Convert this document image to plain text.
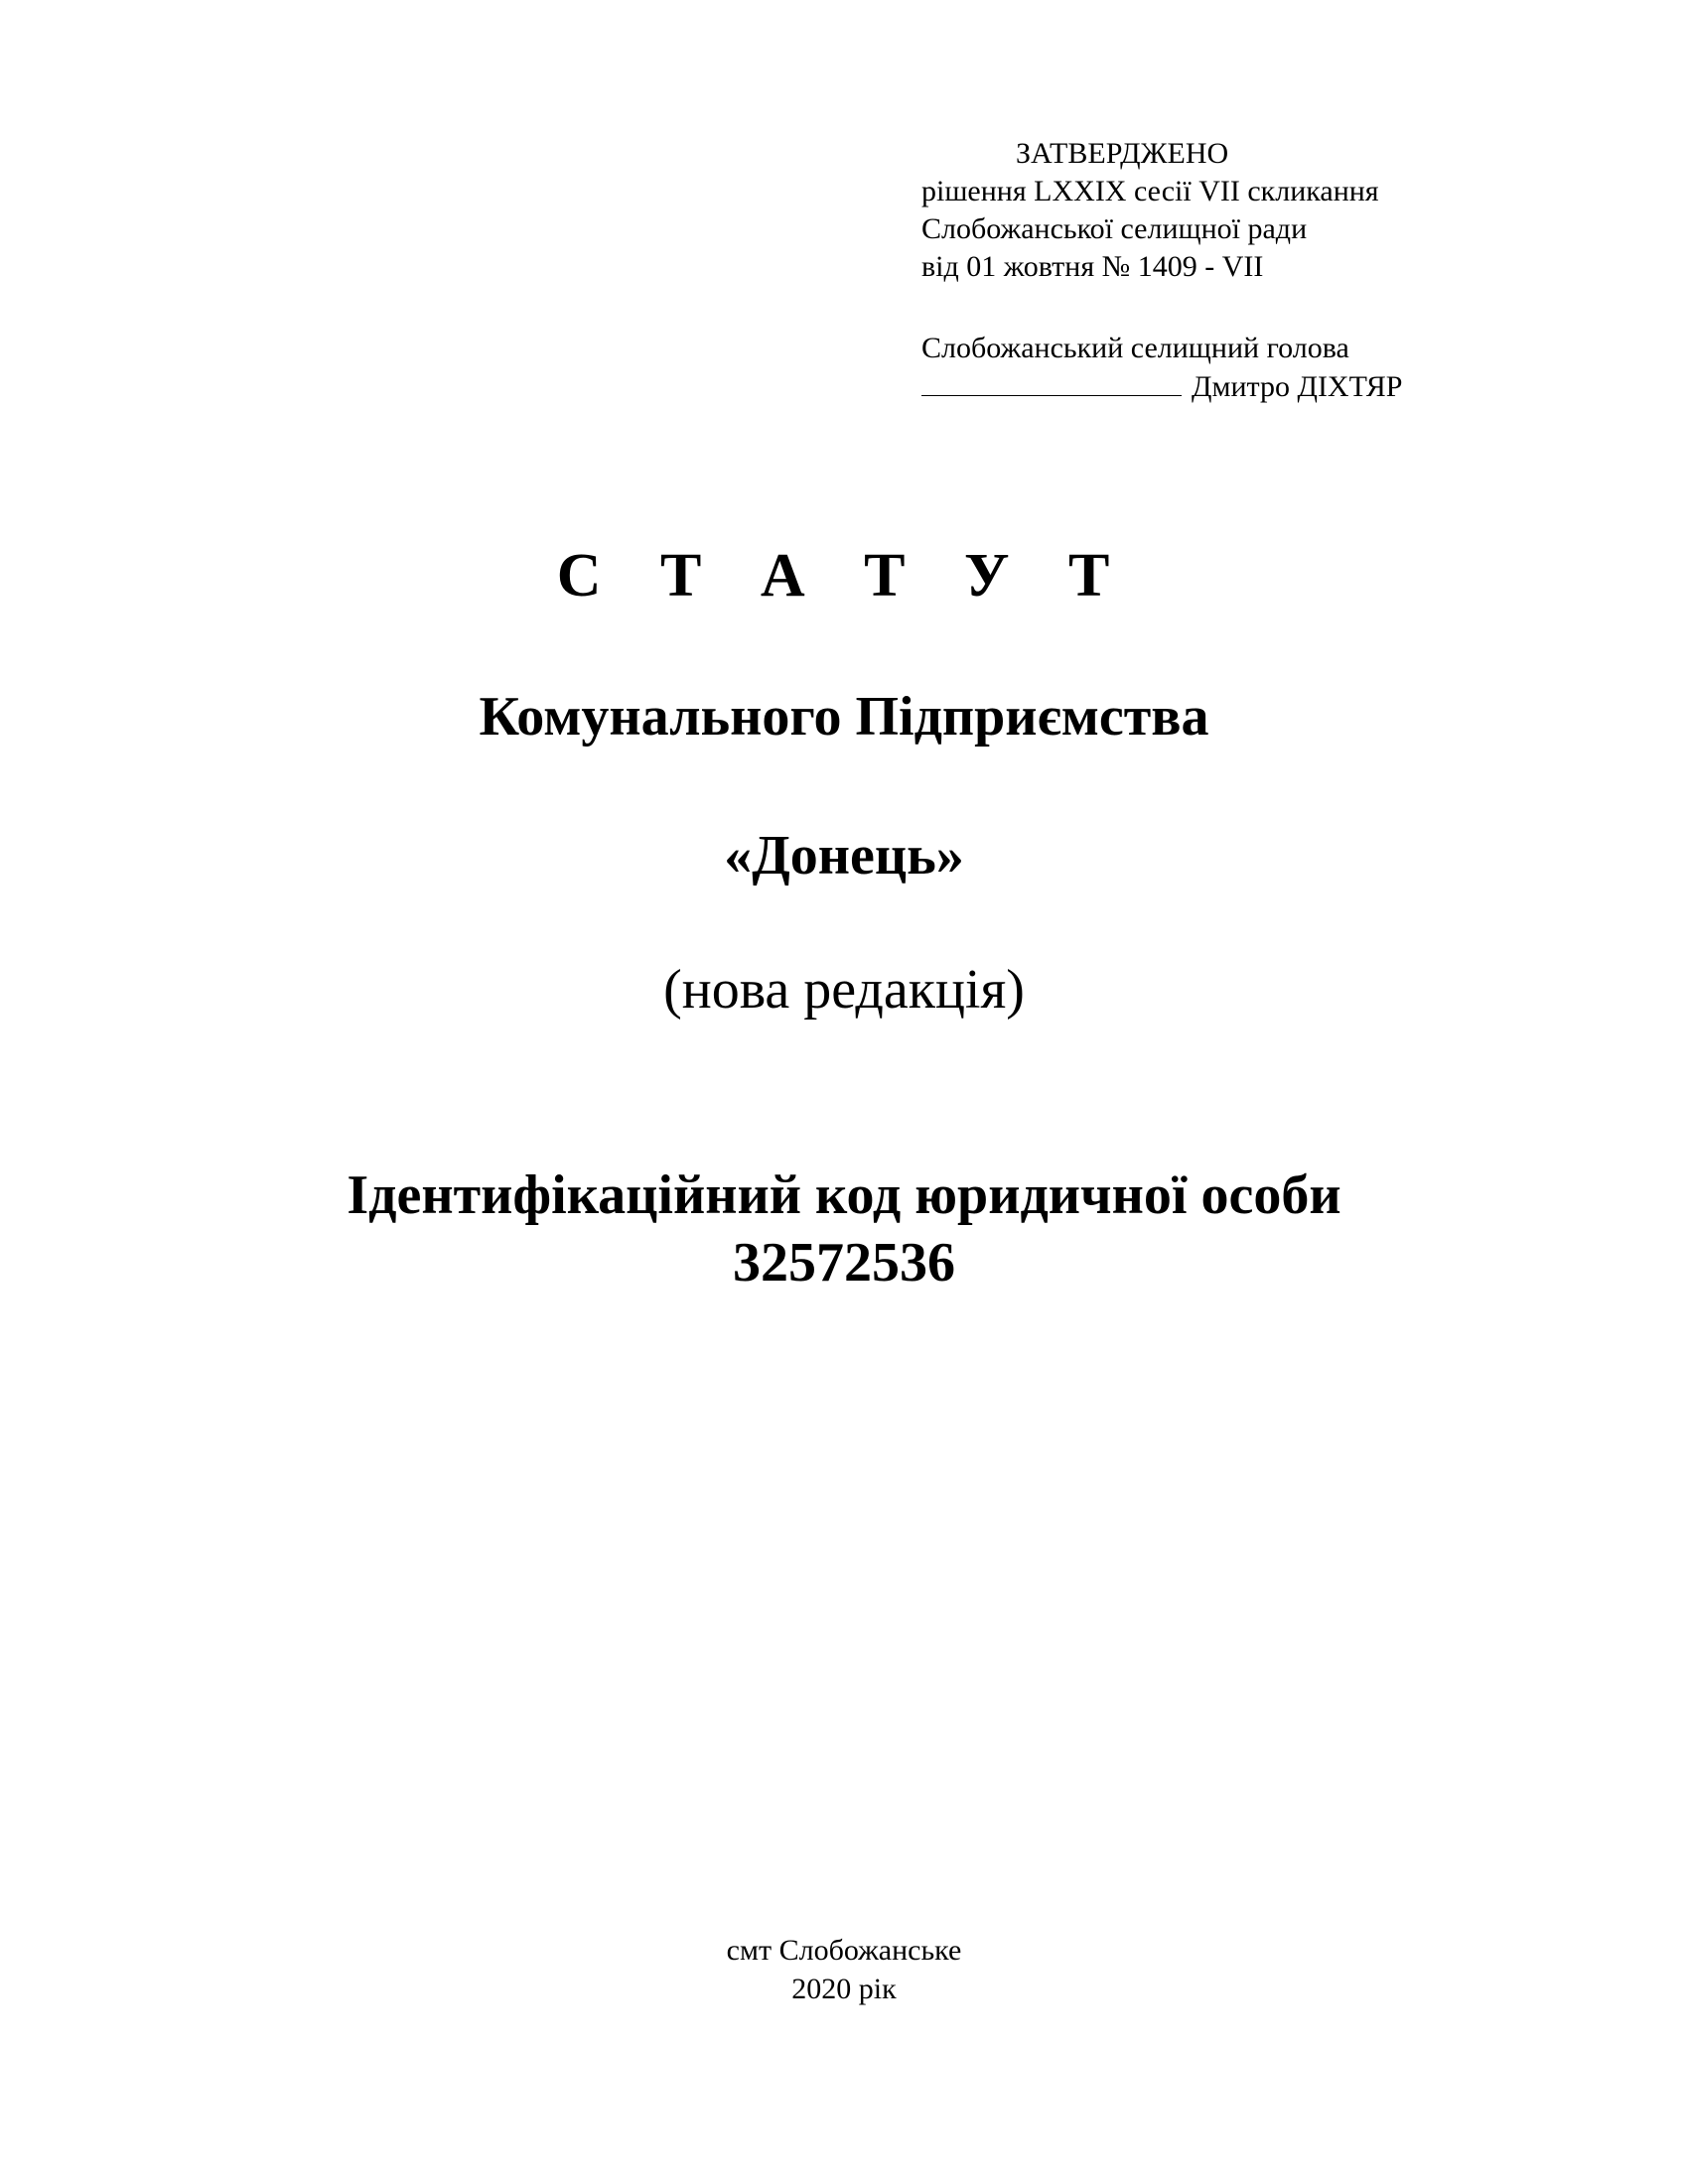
ЗАТВЕРДЖЕНО
рішення LXXIX сесії VII скликання
Слобожанської селищної ради
від 01 жовтня № 1409 - VII
Слобожанський селищний голова
Дмитро ДІХТЯР
С Т А Т У Т
Комунального Підприємства
«Донець»
(нова редакція)
Ідентифікаційний код юридичної особи
32572536
смт Слобожанське
2020 рік
